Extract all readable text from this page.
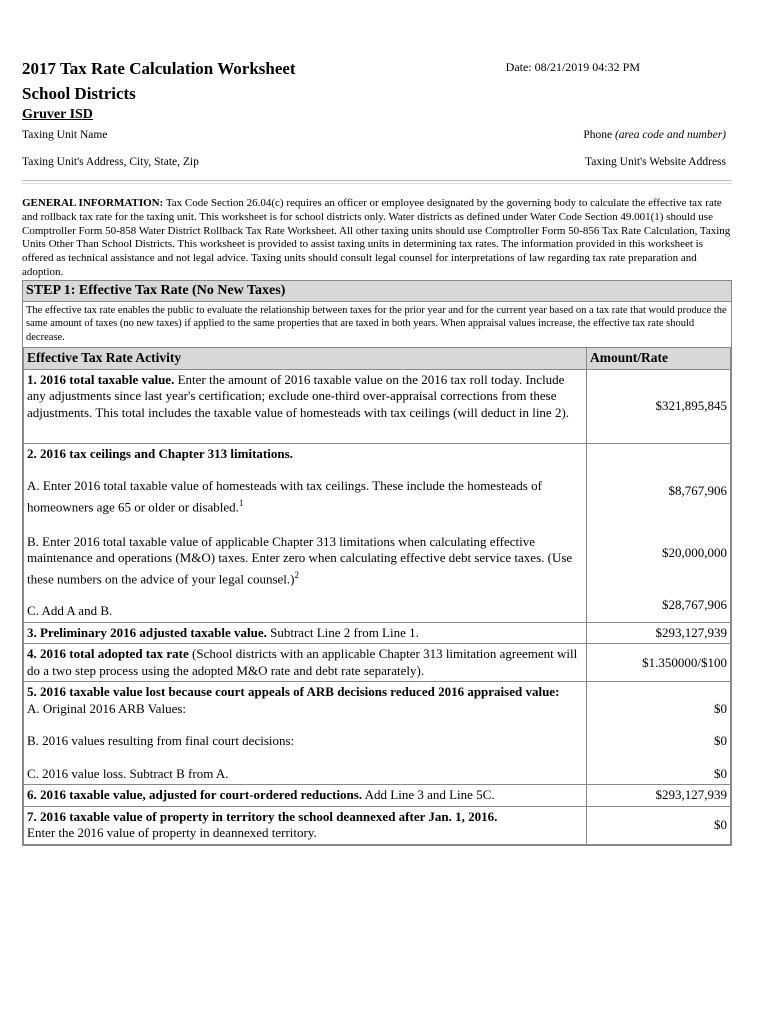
2017 Tax Rate Calculation Worksheet
School Districts
Date: 08/21/2019 04:32 PM
Gruver ISD
Taxing Unit Name	Phone (area code and number)
Taxing Unit's Address, City, State, Zip	Taxing Unit's Website Address
GENERAL INFORMATION: Tax Code Section 26.04(c) requires an officer or employee designated by the governing body to calculate the effective tax rate and rollback tax rate for the taxing unit. This worksheet is for school districts only. Water districts as defined under Water Code Section 49.001(1) should use Comptroller Form 50-858 Water District Rollback Tax Rate Worksheet. All other taxing units should use Comptroller Form 50-856 Tax Rate Calculation, Taxing Units Other Than School Districts. This worksheet is provided to assist taxing units in determining tax rates. The information provided in this worksheet is offered as technical assistance and not legal advice. Taxing units should consult legal counsel for interpretations of law regarding tax rate preparation and adoption.
STEP 1: Effective Tax Rate (No New Taxes)
The effective tax rate enables the public to evaluate the relationship between taxes for the prior year and for the current year based on a tax rate that would produce the same amount of taxes (no new taxes) if applied to the same properties that are taxed in both years. When appraisal values increase, the effective tax rate should decrease.
Effective Tax Rate Activity	Amount/Rate
1. 2016 total taxable value. Enter the amount of 2016 taxable value on the 2016 tax roll today. Include any adjustments since last year's certification; exclude one-third over-appraisal corrections from these adjustments. This total includes the taxable value of homesteads with tax ceilings (will deduct in line 2).	$321,895,845
2. 2016 tax ceilings and Chapter 313 limitations.	
A. Enter 2016 total taxable value of homesteads with tax ceilings. These include the homesteads of homeowners age 65 or older or disabled.$^1$	$8,767,906
B. Enter 2016 total taxable value of applicable Chapter 313 limitations when calculating effective maintenance and operations (M&O) taxes. Enter zero when calculating effective debt service taxes. (Use these numbers on the advice of your legal counsel.)$^2$	$20,000,000
C. Add A and B.	$28,767,906
3. Preliminary 2016 adjusted taxable value. Subtract Line 2 from Line 1.	$293,127,939
4. 2016 total adopted tax rate (School districts with an applicable Chapter 313 limitation agreement will do a two step process using the adopted M&O rate and debt rate separately).	$1.350000/$100
5. 2016 taxable value lost because court appeals of ARB decisions reduced 2016 appraised value:
A. Original 2016 ARB Values:	$0
B. 2016 values resulting from final court decisions:	$0
C. 2016 value loss. Subtract B from A.	$0
6. 2016 taxable value, adjusted for court-ordered reductions. Add Line 3 and Line 5C.	$293,127,939
7. 2016 taxable value of property in territory the school deannexed after Jan. 1, 2016.
Enter the 2016 value of property in deannexed territory.	$0
